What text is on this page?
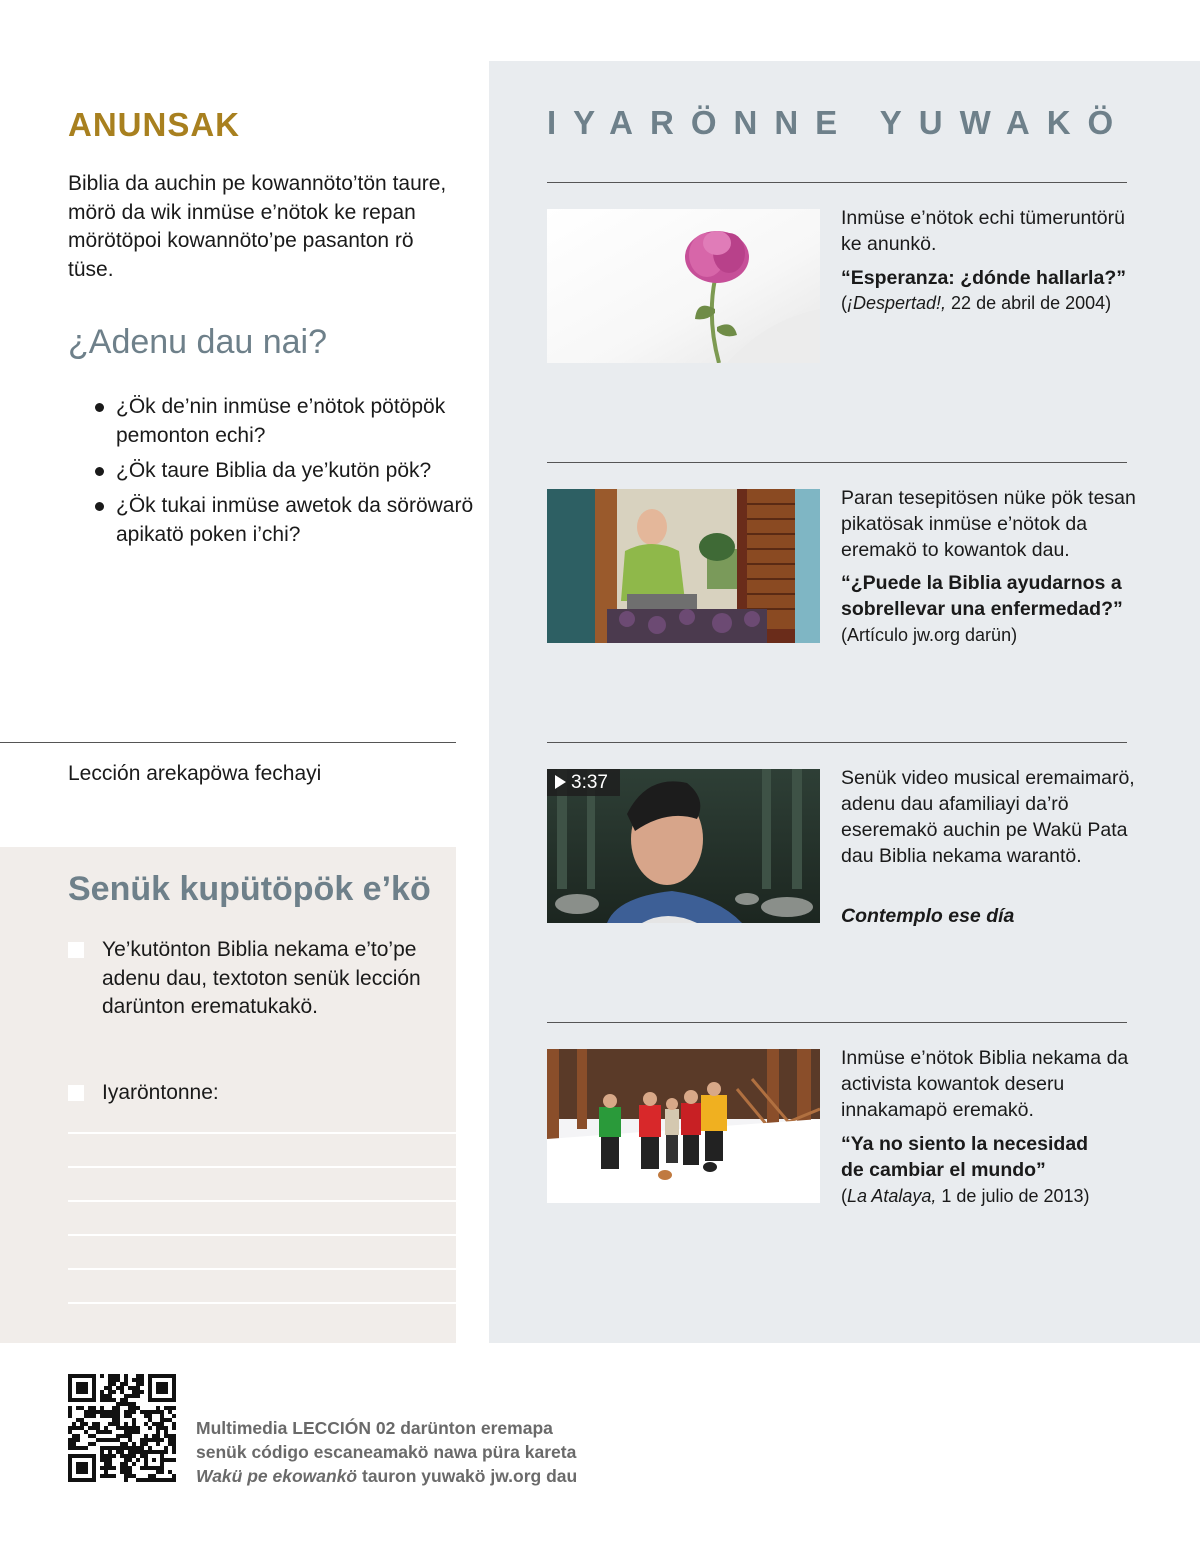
ANUNSAK

Biblia da auchin pe kowannöto’tön taure, mörö da wik inmüse e’nötok ke repan mörötöpoi kowannöto’pe pasanton rö tüse.

¿Adenu dau nai?
¿Ök de’nin inmüse e’nötok pötöpök pemonton echi?
¿Ök taure Biblia da ye’kutön pök?
¿Ök tukai inmüse awetok da söröwarö apikatö poken i’chi?

Lección arekapöwa fechayi

Senük kupütöpök e’kö

Ye’kutönton Biblia nekama e’to’pe adenu dau, textoton senük lección darünton erematukakö.

Iyaröntonne:

IYARÖNNE YUWAKÖ

Inmüse e’nötok echi tümeruntörü ke anunkö.

“Esperanza: ¿dónde hallarla?”

(¡Despertad!, 22 de abril de 2004)

Paran tesepitösen nüke pök tesan pikatösak inmüse e’nötok da eremakö to kowantok dau.

“¿Puede la Biblia ayudarnos a sobrellevar una enfermedad?”

(Artículo jw.org darün)

3:37	Senük video musical eremaimarö, adenu dau afamiliayi da’rö eseremakö auchin pe Wakü Pata dau Biblia nekama warantö.

Contemplo ese día

Inmüse e’nötok Biblia nekama da activista kowantok deseru innakamapö eremakö.

“Ya no siento la necesidad de cambiar el mundo”

(La Atalaya, 1 de julio de 2013)

Multimedia LECCIÓN 02 darünton eremapa
senük código escaneamakö nawa püra kareta
Wakü pe ekowankö tauron yuwakö jw.org dau
